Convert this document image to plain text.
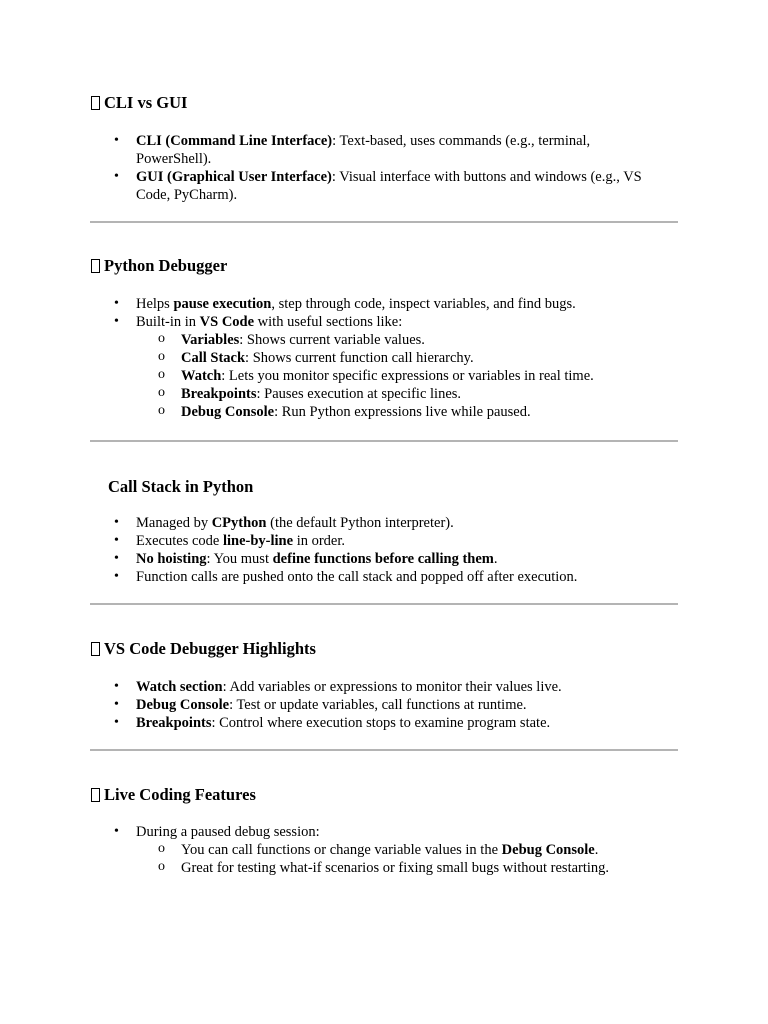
CLI vs GUI
• CLI (Command Line Interface): Text-based, uses commands (e.g., terminal, PowerShell).
• GUI (Graphical User Interface): Visual interface with buttons and windows (e.g., VS Code, PyCharm).
Python Debugger
• Helps pause execution, step through code, inspect variables, and find bugs.
• Built-in in VS Code with useful sections like:
o Variables: Shows current variable values.
o Call Stack: Shows current function call hierarchy.
o Watch: Lets you monitor specific expressions or variables in real time.
o Breakpoints: Pauses execution at specific lines.
o Debug Console: Run Python expressions live while paused.
Call Stack in Python
• Managed by CPython (the default Python interpreter).
• Executes code line-by-line in order.
• No hoisting: You must define functions before calling them.
• Function calls are pushed onto the call stack and popped off after execution.
VS Code Debugger Highlights
• Watch section: Add variables or expressions to monitor their values live.
• Debug Console: Test or update variables, call functions at runtime.
• Breakpoints: Control where execution stops to examine program state.
Live Coding Features
• During a paused debug session:
o You can call functions or change variable values in the Debug Console.
o Great for testing what-if scenarios or fixing small bugs without restarting.
